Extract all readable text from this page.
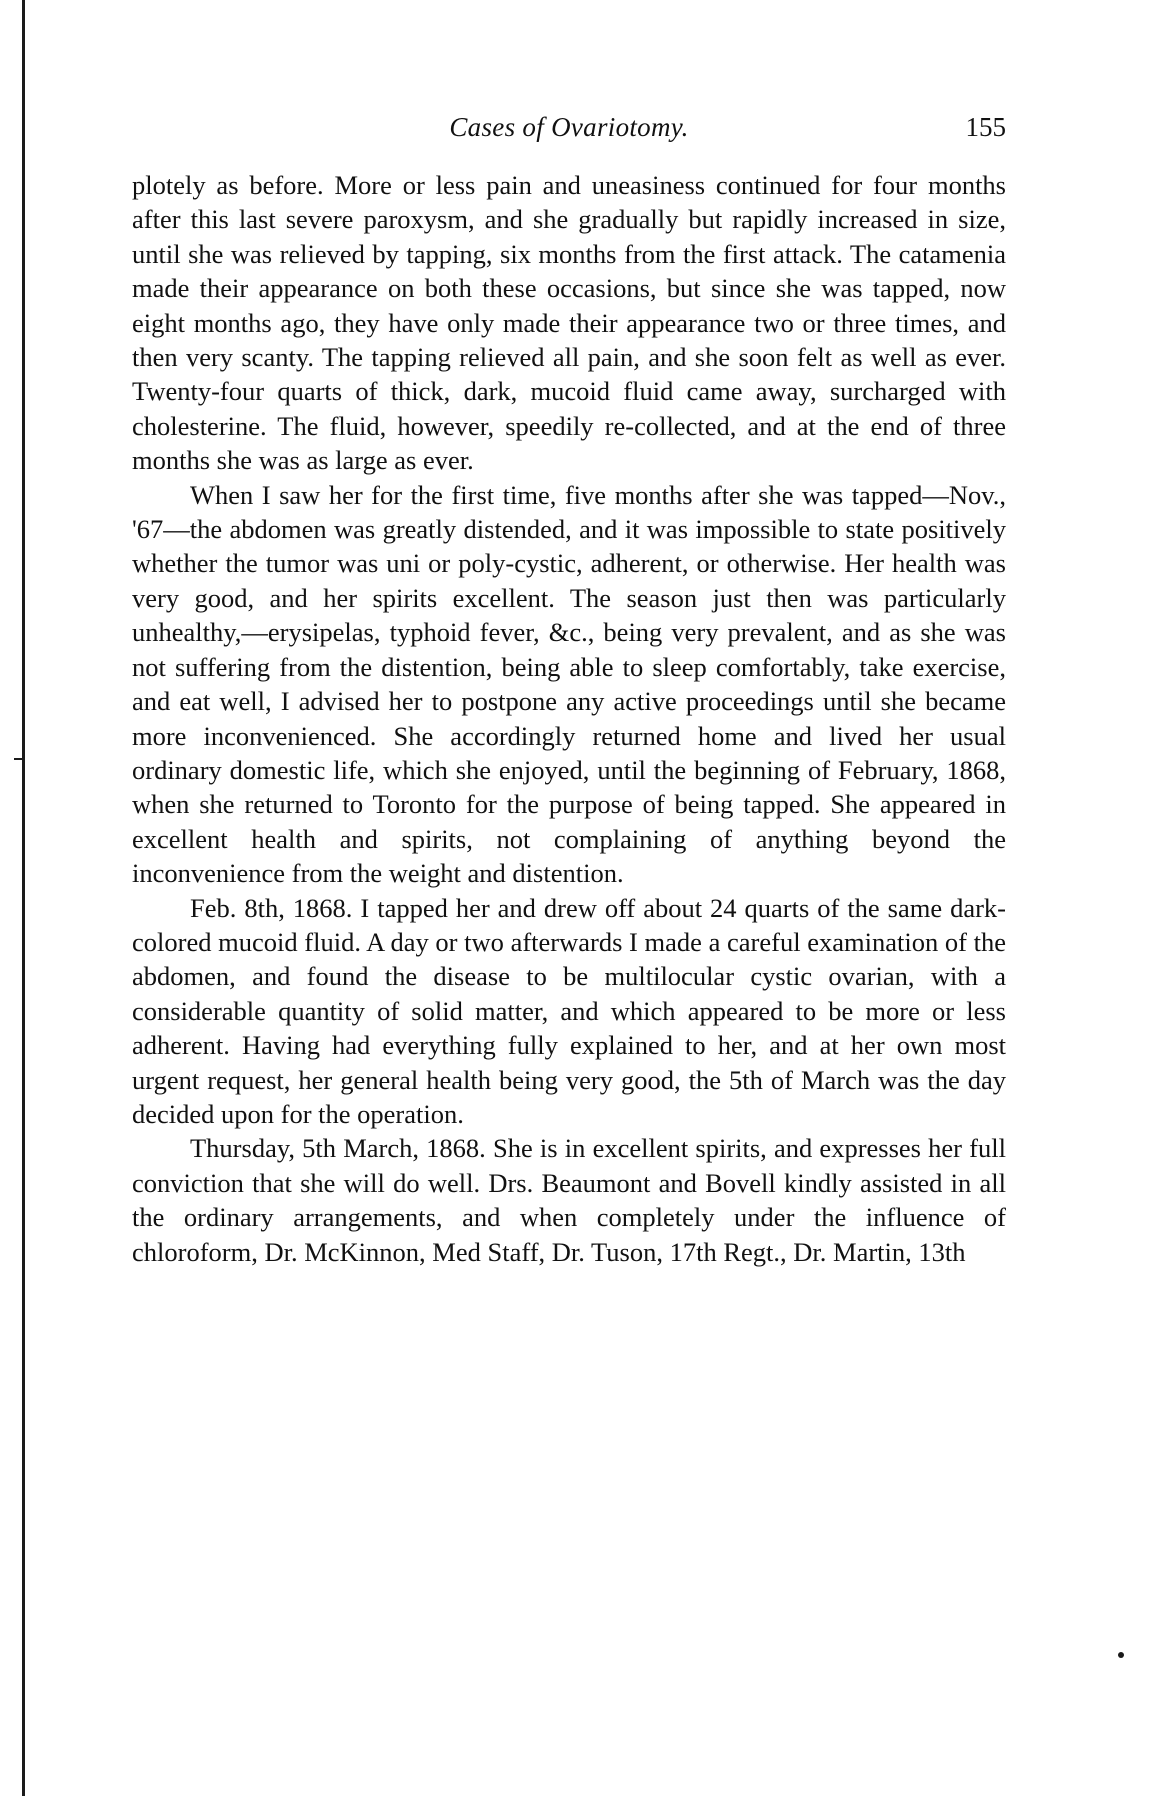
Cases of Ovariotomy.	155

plotely as before. More or less pain and uneasiness continued for four months after this last severe paroxysm, and she gradually but rapidly increased in size, until she was relieved by tapping, six months from the first attack. The catamenia made their appearance on both these occasions, but since she was tapped, now eight months ago, they have only made their appearance two or three times, and then very scanty. The tapping relieved all pain, and she soon felt as well as ever. Twenty-four quarts of thick, dark, mucoid fluid came away, surcharged with cholesterine. The fluid, however, speedily re-collected, and at the end of three months she was as large as ever.

When I saw her for the first time, five months after she was tapped—Nov., '67—the abdomen was greatly distended, and it was impossible to state positively whether the tumor was uni or poly-cystic, adherent, or otherwise. Her health was very good, and her spirits excellent. The season just then was particularly unhealthy,—erysipelas, typhoid fever, &c., being very prevalent, and as she was not suffering from the distention, being able to sleep comfortably, take exercise, and eat well, I advised her to postpone any active proceedings until she became more inconvenienced. She accordingly returned home and lived her usual ordinary domestic life, which she enjoyed, until the beginning of February, 1868, when she returned to Toronto for the purpose of being tapped. She appeared in excellent health and spirits, not complaining of anything beyond the inconvenience from the weight and distention.

Feb. 8th, 1868. I tapped her and drew off about 24 quarts of the same dark-colored mucoid fluid. A day or two afterwards I made a careful examination of the abdomen, and found the disease to be multilocular cystic ovarian, with a considerable quantity of solid matter, and which appeared to be more or less adherent. Having had everything fully explained to her, and at her own most urgent request, her general health being very good, the 5th of March was the day decided upon for the operation.

Thursday, 5th March, 1868. She is in excellent spirits, and expresses her full conviction that she will do well. Drs. Beaumont and Bovell kindly assisted in all the ordinary arrangements, and when completely under the influence of chloroform, Dr. McKinnon, Med Staff, Dr. Tuson, 17th Regt., Dr. Martin, 13th
